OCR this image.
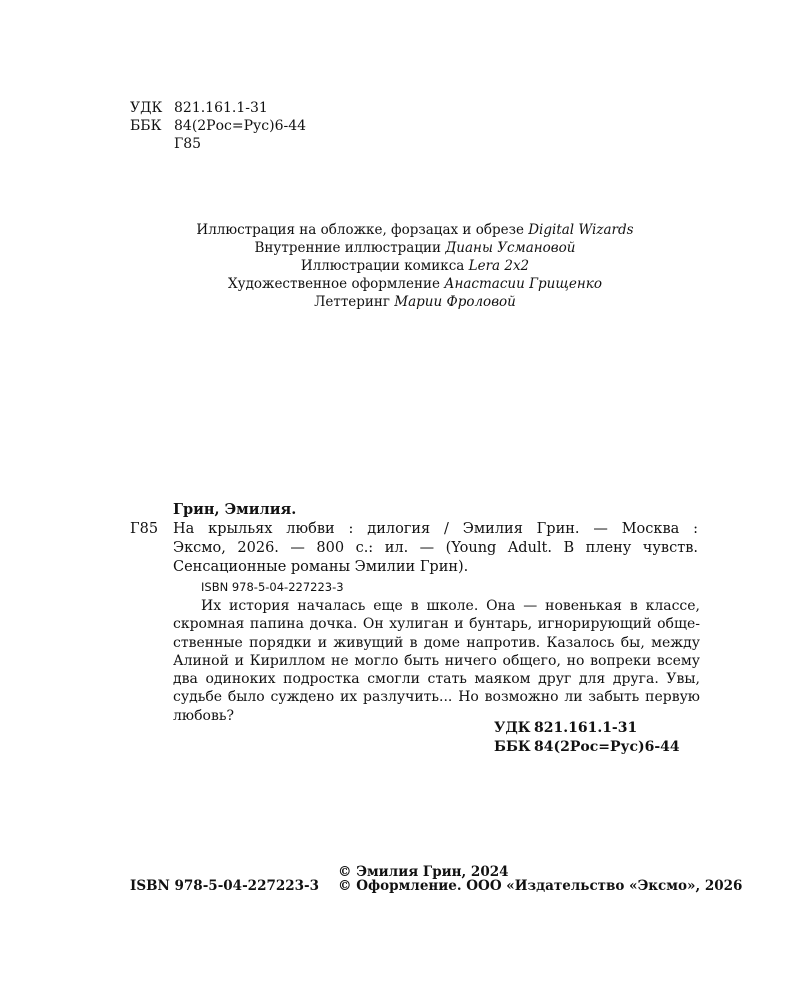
УДК 821.161.1-31
ББК 84(2Рос=Рус)6-44
Г85
Иллюстрация на обложке, форзацах и обрезе Digital Wizards
Внутренние иллюстрации Дианы Усмановой
Иллюстрации комикса Lera 2x2
Художественное оформление Анастасии Грищенко
Леттеринг Марии Фроловой
Грин, Эмилия.
Г85 На крыльях любви : дилогия / Эмилия Грин. — Москва :
Эксмо, 2026. — 800 с.: ил. — (Young Adult. В плену чувств.
Сенсационные романы Эмилии Грин).
ISBN 978-5-04-227223-3
Их история началась еще в школе. Она — новенькая в классе,
скромная папина дочка. Он хулиган и бунтарь, игнорирующий обще-
ственные порядки и живущий в доме напротив. Казалось бы, между
Алиной и Кириллом не могло быть ничего общего, но вопреки всему
два одиноких подростка смогли стать маяком друг для друга. Увы,
судьбе было суждено их разлучить... Но возможно ли забыть первую
любовь?
УДК 821.161.1-31
ББК 84(2Рос=Рус)6-44
© Эмилия Грин, 2024
ISBN 978-5-04-227223-3 © Оформление. ООО «Издательство «Эксмо», 2026
